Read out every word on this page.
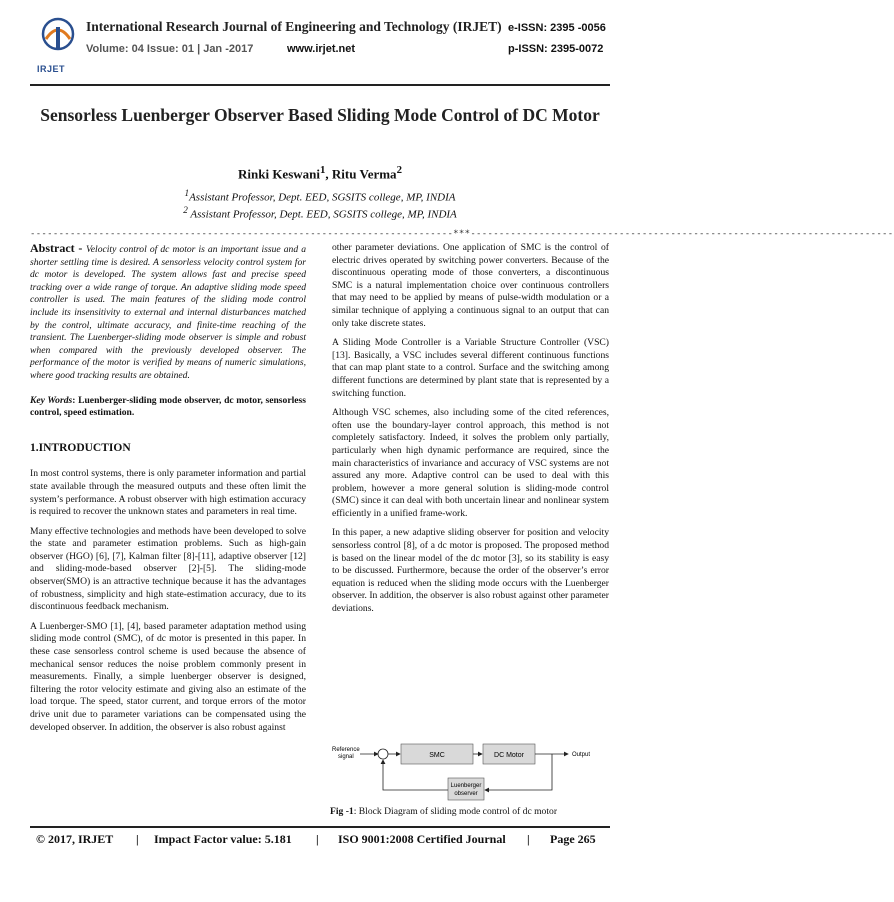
IRJET
International Research Journal of Engineering and Technology (IRJET) e-ISSN: 2395 -0056
Volume: 04 Issue: 01 | Jan -2017	www.irjet.net	p-ISSN: 2395-0072
Sensorless Luenberger Observer Based Sliding Mode Control of DC Motor
Rinki Keswani$^1$, Ritu Verma$^2$
$^1$Assistant Professor, Dept. EED, SGSITS college, MP, INDIA
$^2$ Assistant Professor, Dept. EED, SGSITS college, MP, INDIA
--------------------------------------------------------------------------***--------------------------------------------------------------------------

Abstract - Velocity control of dc motor is an important issue and a shorter settling time is desired. A sensorless velocity control system for dc motor is developed. The system allows fast and precise speed tracking over a wide range of torque. An adaptive sliding mode speed controller is used. The main features of the sliding mode control include its insensitivity to external and internal disturbances matched by the control, ultimate accuracy, and finite-time reaching of the transient. The Luenberger-sliding mode observer is simple and robust when compared with the previously developed observer. The performance of the motor is verified by means of numeric simulations, where good tracking results are obtained.

Key Words: Luenberger-sliding mode observer, dc motor, sensorless control, speed estimation.

1.INTRODUCTION

In most control systems, there is only parameter information and partial state available through the measured outputs and these often limit the system’s performance. A robust observer with high estimation accuracy is required to recover the unknown states and parameters in real time.

Many effective technologies and methods have been developed to solve the state and parameter estimation problems. Such as high-gain observer (HGO) [6], [7], Kalman filter [8]-[11], adaptive observer [12] and sliding-mode-based observer [2]-[5]. The sliding-mode observer(SMO) is an attractive technique because it has the advantages of robustness, simplicity and high state-estimation accuracy, due to its discontinuous feedback mechanism.

A Luenberger-SMO [1], [4], based parameter adaptation method using sliding mode control (SMC), of dc motor is presented in this paper. In these case sensorless control scheme is used because the absence of mechanical sensor reduces the noise problem commonly present in measurements. Finally, a simple luenberger observer is designed, filtering the rotor velocity estimate and giving also an estimate of the load torque. The speed, stator current, and torque errors of the motor drive unit due to parameter variations can be compensated using the developed observer. In addition, the observer is also robust against

other parameter deviations. One application of SMC is the control of electric drives operated by switching power converters. Because of the discontinuous operating mode of those converters, a discontinuous SMC is a natural implementation choice over continuous controllers that may need to be applied by means of pulse-width modulation or a similar technique of applying a continuous signal to an output that can only take discrete states.

A Sliding Mode Controller is a Variable Structure Controller (VSC) [13]. Basically, a VSC includes several different continuous functions that can map plant state to a control. Surface and the switching among different functions are determined by plant state that is represented by a switching function.

Although VSC schemes, also including some of the cited references, often use the boundary-layer control approach, this method is not completely satisfactory. Indeed, it solves the problem only partially, particularly when high dynamic performance are required, since the main characteristics of invariance and accuracy of VSC systems are not assured any more. Adaptive control can be used to deal with this problem, however a more general solution is sliding-mode control (SMC) since it can deal with both uncertain linear and nonlinear system efficiently in a unified frame-work.

In this paper, a new adaptive sliding observer for position and velocity sensorless control [8], of a dc motor is proposed. The proposed method is based on the linear model of the dc motor [3], so its stability is easy to be discussed. Furthermore, because the order of the observer’s error equation is reduced when the sliding mode occurs with the Luenberger observer. In addition, the observer is also robust against other parameter deviations.

Reference
signal	SMC	DC Motor	Output
Luenberger
observer
Fig -1: Block Diagram of sliding mode control of dc motor
© 2017, IRJET | Impact Factor value: 5.181 | ISO 9001:2008 Certified Journal | Page 265
